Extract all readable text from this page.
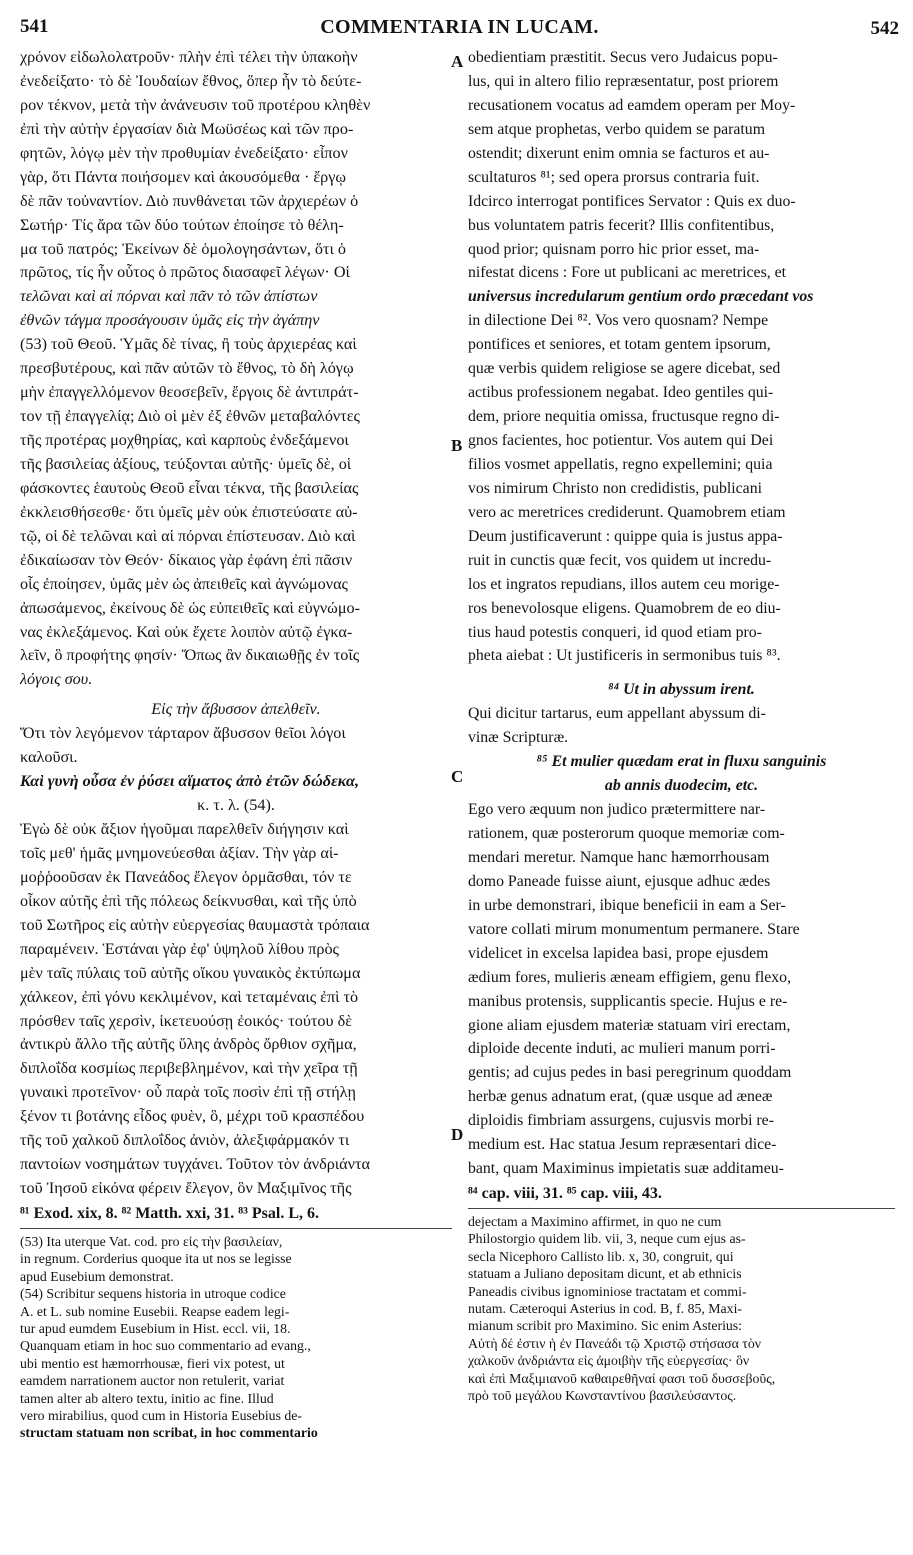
541	COMMENTARIA IN LUCAM.	542
A
B
C
D
χρόνον εἰδωλολατροῦν· πλὴν ἐπὶ τέλει τὴν ὑπακοὴν
ἐνεδείξατο· τὸ δὲ Ἰουδαίων ἔθνος, ὅπερ ἦν τὸ δεύτε-
ρον τέκνον, μετὰ τὴν ἀνάνευσιν τοῦ προτέρου κληθὲν
ἐπὶ τὴν αὐτὴν ἐργασίαν διὰ Μωϋσέως καὶ τῶν προ-
φητῶν, λόγῳ μὲν τὴν προθυμίαν ἐνεδείξατο· εἶπον
γὰρ, ὅτι Πάντα ποιήσομεν καὶ ἀκουσόμεθα · ἔργῳ
δὲ πᾶν τοὐναντίον. Διὸ πυνθάνεται τῶν ἀρχιερέων ὁ
Σωτήρ· Τίς ἄρα τῶν δύο τούτων ἐποίησε τὸ θέλη-
μα τοῦ πατρός; Ἐκείνων δὲ ὁμολογησάντων, ὅτι ὁ
πρῶτος, τίς ἦν οὗτος ὁ πρῶτος διασαφεῖ λέγων· Οἱ
τελῶναι καὶ αἱ πόρναι καὶ πᾶν τὸ τῶν ἀπίστων
ἐθνῶν τάγμα προσάγουσιν ὑμᾶς εἰς τὴν ἀγάπην
(53) τοῦ Θεοῦ. Ὑμᾶς δὲ τίνας, ἢ τοὺς ἀρχιερέας καὶ
πρεσβυτέρους, καὶ πᾶν αὐτῶν τὸ ἔθνος, τὸ δὴ λόγῳ
μὴν ἐπαγγελλόμενον θεοσεβεῖν, ἔργοις δὲ ἀντιπράτ-
τον τῇ ἐπαγγελίᾳ; Διὸ οἱ μὲν ἐξ ἐθνῶν μεταβαλόντες
τῆς προτέρας μοχθηρίας, καὶ καρποὺς ἐνδεξάμενοι
τῆς βασιλείας ἀξίους, τεύξονται αὐτῆς· ὑμεῖς δὲ, οἱ
φάσκοντες ἑαυτοὺς Θεοῦ εἶναι τέκνα, τῆς βασιλείας
ἐκκλεισθήσεσθε· ὅτι ὑμεῖς μὲν οὐκ ἐπιστεύσατε αὐ-
τῷ, οἱ δὲ τελῶναι καὶ αἱ πόρναι ἐπίστευσαν. Διὸ καὶ
ἐδικαίωσαν τὸν Θεόν· δίκαιος γὰρ ἐφάνη ἐπὶ πᾶσιν
οἷς ἐποίησεν, ὑμᾶς μὲν ὡς ἀπειθεῖς καὶ ἀγνώμονας
ἀπωσάμενος, ἐκείνους δὲ ὡς εὐπειθεῖς καὶ εὐγνώμο-
νας ἐκλεξάμενος. Καὶ οὐκ ἔχετε λοιπὸν αὐτῷ ἐγκα-
λεῖν, ὃ προφήτης φησίν· Ὅπως ἂν δικαιωθῇς ἐν τοῖς
λόγοις σου.
Εἰς τὴν ἄβυσσον ἀπελθεῖν.
Ὅτι τὸν λεγόμενον τάρταρον ἄβυσσον θεῖοι λόγοι
καλοῦσι.
Καὶ γυνὴ οὖσα ἐν ῥύσει αἵματος ἀπὸ ἐτῶν δώδεκα,
κ. τ. λ. (54).
Ἐγὼ δὲ οὐκ ἄξιον ἡγοῦμαι παρελθεῖν διήγησιν καὶ
τοῖς μεθ' ἡμᾶς μνημονεύεσθαι ἀξίαν. Τὴν γὰρ αἱ-
μοῤῥοοῦσαν ἐκ Πανεάδος ἔλεγον ὁρμᾶσθαι, τόν τε
οἶκον αὐτῆς ἐπὶ τῆς πόλεως δείκνυσθαι, καὶ τῆς ὑπὸ
τοῦ Σωτῆρος εἰς αὐτὴν εὐεργεσίας θαυμαστὰ τρόπαια
παραμένειν. Ἑστάναι γὰρ ἐφ' ὑψηλοῦ λίθου πρὸς
μὲν ταῖς πύλαις τοῦ αὐτῆς οἴκου γυναικὸς ἐκτύπωμα
χάλκεον, ἐπὶ γόνυ κεκλιμένον, καὶ τεταμέναις ἐπὶ τὸ
πρόσθεν ταῖς χερσὶν, ἱκετευούσῃ ἐοικός· τούτου δὲ
ἀντικρὺ ἄλλο τῆς αὐτῆς ὕλης ἀνδρὸς ὄρθιον σχῆμα,
διπλοΐδα κοσμίως περιβεβλημένον, καὶ τὴν χεῖρα τῇ
γυναικὶ προτεῖνον· οὗ παρὰ τοῖς ποσὶν ἐπὶ τῇ στήλῃ
ξένον τι βοτάνης εἶδος φυὲν, ὃ, μέχρι τοῦ κρασπέδου
τῆς τοῦ χαλκοῦ διπλοΐδος ἀνιὸν, ἀλεξιφάρμακόν τι
παντοίων νοσημάτων τυγχάνει. Τοῦτον τὸν ἀνδριάντα
τοῦ Ἰησοῦ εἰκόνα φέρειν ἔλεγον, ὃν Μαξιμῖνος τῆς
⁸¹ Exod. xix, 8. ⁸² Matth. xxi, 31. ⁸³ Psal. L, 6.
(53) Ita uterque Vat. cod. pro εἰς τὴν βασιλείαν,
in regnum. Corderius quoque ita ut nos se legisse
apud Eusebium demonstrat.
(54) Scribitur sequens historia in utroque codice
A. et L. sub nomine Eusebii. Reapse eadem legi-
tur apud eumdem Eusebium in Hist. eccl. vii, 18.
Quanquam etiam in hoc suo commentario ad evang.,
ubi mentio est hæmorrhousæ, fieri vix potest, ut
eamdem narrationem auctor non retulerit, variat
tamen alter ab altero textu, initio ac fine. Illud
vero mirabilius, quod cum in Historia Eusebius de-
structam statuam non scribat, in hoc commentario
obedientiam præstitit. Secus vero Judaicus popu-
lus, qui in altero filio repræsentatur, post priorem
recusationem vocatus ad eamdem operam per Moy-
sem atque prophetas, verbo quidem se paratum
ostendit; dixerunt enim omnia se facturos et au-
scultaturos ⁸¹; sed opera prorsus contraria fuit.
Idcirco interrogat pontifices Servator : Quis ex duo-
bus voluntatem patris fecerit? Illis confitentibus,
quod prior; quisnam porro hic prior esset, ma-
nifestat dicens : Fore ut publicani ac meretrices, et
universus incredularum gentium ordo præcedant vos
in dilectione Dei ⁸². Vos vero quosnam? Nempe
pontifices et seniores, et totam gentem ipsorum,
quæ verbis quidem religiose se agere dicebat, sed
actibus professionem negabat. Ideo gentiles qui-
dem, priore nequitia omissa, fructusque regno di-
gnos facientes, hoc potientur. Vos autem qui Dei
filios vosmet appellatis, regno expellemini; quia
vos nimirum Christo non credidistis, publicani
vero ac meretrices crediderunt. Quamobrem etiam
Deum justificaverunt : quippe quia is justus appa-
ruit in cunctis quæ fecit, vos quidem ut incredu-
los et ingratos repudians, illos autem ceu morige-
ros benevolosque eligens. Quamobrem de eo diu-
tius haud potestis conqueri, id quod etiam pro-
pheta aiebat : Ut justificeris in sermonibus tuis ⁸³.
⁸⁴ Ut in abyssum irent.
Qui dicitur tartarus, eum appellant abyssum di-
vinæ Scripturæ.
⁸⁵ Et mulier quædam erat in fluxu sanguinis
ab annis duodecim, etc.
Ego vero æquum non judico prætermittere nar-
rationem, quæ posterorum quoque memoriæ com-
mendari meretur. Namque hanc hæmorrhousam
domo Paneade fuisse aiunt, ejusque adhuc ædes
in urbe demonstrari, ibique beneficii in eam a Ser-
vatore collati mirum monumentum permanere. Stare
videlicet in excelsa lapidea basi, prope ejusdem
ædium fores, mulieris æneam effigiem, genu flexo,
manibus protensis, supplicantis specie. Hujus e re-
gione aliam ejusdem materiæ statuam viri erectam,
diploide decente induti, ac mulieri manum porri-
gentis; ad cujus pedes in basi peregrinum quoddam
herbæ genus adnatum erat, (quæ usque ad æneæ
diploidis fimbriam assurgens, cujusvis morbi re-
medium est. Hac statua Jesum repræsentari dice-
bant, quam Maximinus impietatis suæ additameu-
⁸⁴ cap. viii, 31. ⁸⁵ cap. viii, 43.
dejectam a Maximino affirmet, in quo ne cum
Philostorgio quidem lib. vii, 3, neque cum ejus as-
secla Nicephoro Callisto lib. x, 30, congruit, qui
statuam a Juliano depositam dicunt, et ab ethnicis
Paneadis civibus ignominiose tractatam et commi-
nutam. Cæteroqui Asterius in cod. B, f. 85, Maxi-
mianum scribit pro Maximino. Sic enim Asterius:
Αὐτὴ δέ ἐστιν ἡ ἐν Πανεάδι τῷ Χριστῷ στήσασα τὸν
χαλκοῦν ἀνδριάντα εἰς ἀμοιβὴν τῆς εὐεργεσίας· ὃν
καὶ ἐπὶ Μαξιμιανοῦ καθαιρεθῆναί φασι τοῦ δυσσεβοῦς,
πρὸ τοῦ μεγάλου Κωνσταντίνου βασιλεύσαντος.
